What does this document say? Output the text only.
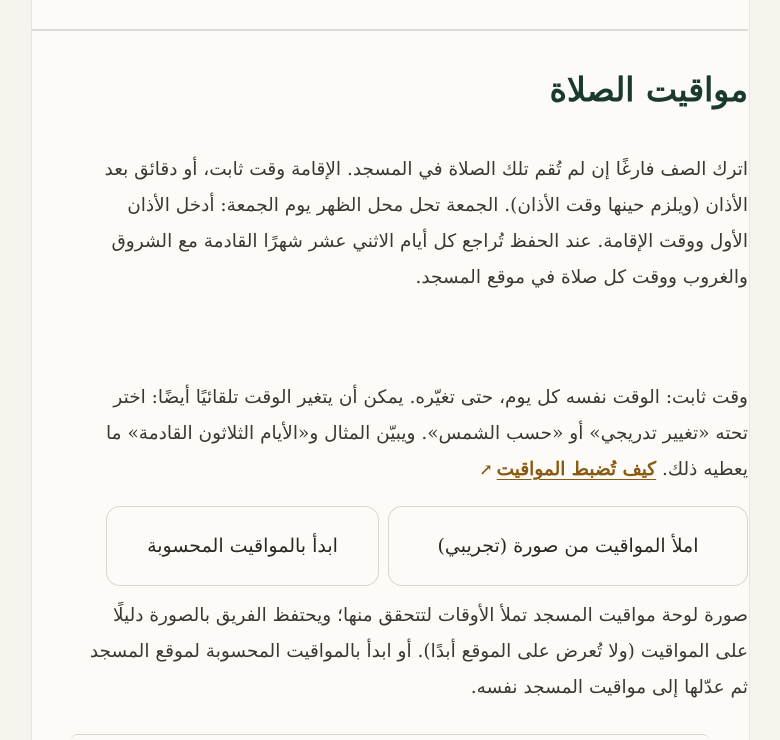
مواقيت الصلاة

اترك الصف فارغًا إن لم تُقم تلك الصلاة في المسجد. الإقامة وقت ثابت، أو دقائق بعد الأذان (ويلزم حينها وقت الأذان). الجمعة تحل محل الظهر يوم الجمعة: أدخل الأذان الأول ووقت الإقامة. عند الحفظ تُراجع كل أيام الاثني عشر شهرًا القادمة مع الشروق والغروب ووقت كل صلاة في موقع المسجد.

وقت ثابت: الوقت نفسه كل يوم، حتى تغيّره. يمكن أن يتغير الوقت تلقائيًا أيضًا: اختر تحته «تغيير تدريجي» أو «حسب الشمس». ويبيّن المثال و«الأيام الثلاثون القادمة» ما يعطيه ذلك. كيف تُضبط المواقيت↗

املأ المواقيت من صورة (تجريبي)
ابدأ بالمواقيت المحسوبة

صورة لوحة مواقيت المسجد تملأ الأوقات لتتحقق منها؛ ويحتفظ الفريق بالصورة دليلًا على المواقيت (ولا تُعرض على الموقع أبدًا). أو ابدأ بالمواقيت المحسوبة لموقع المسجد ثم عدّلها إلى مواقيت المسجد نفسه.
